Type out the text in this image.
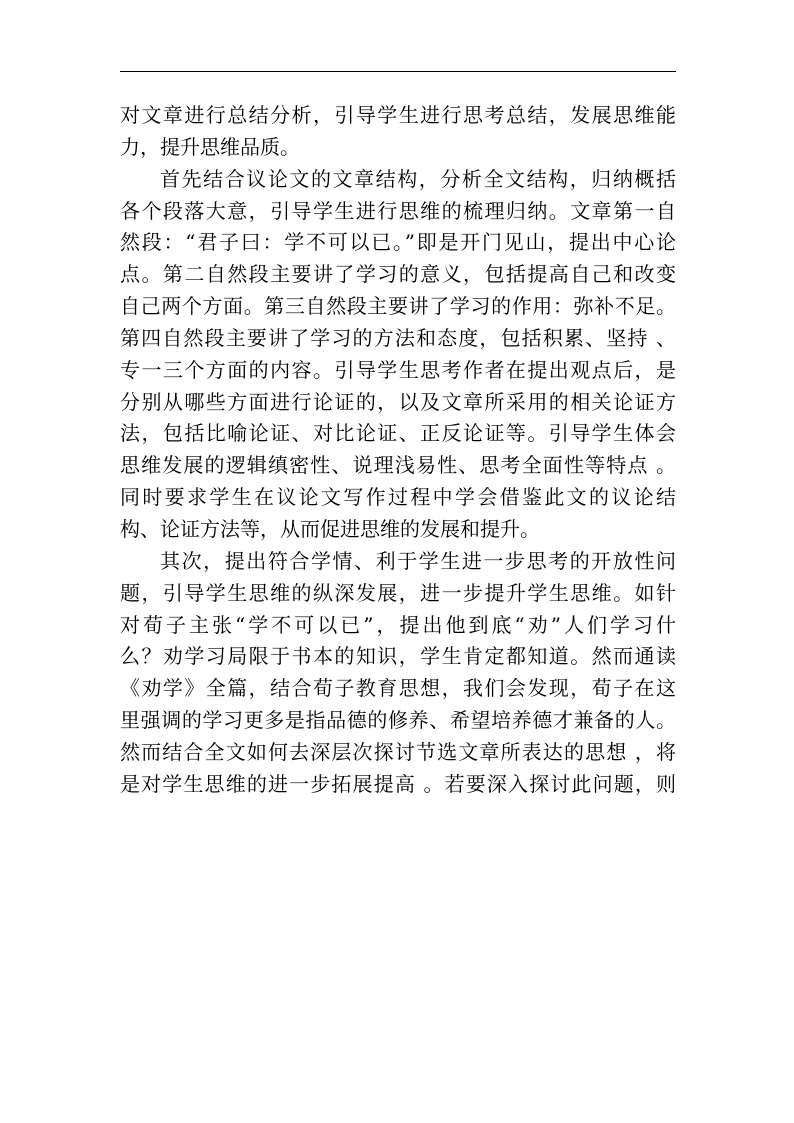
对文章进行总结分析，引导学生进行思考总结，发展思维能
力，提升思维品质。
首先结合议论文的文章结构，分析全文结构，归纳概括
各个段落大意，引导学生进行思维的梳理归纳。文章第一自
然段：“君子曰：学不可以已。”即是开门见山，提出中心论
点。第二自然段主要讲了学习的意义，包括提高自己和改变
自己两个方面。第三自然段主要讲了学习的作用：弥补不足。
第四自然段主要讲了学习的方法和态度，包括积累、坚持 、
专一三个方面的内容。引导学生思考作者在提出观点后，是
分别从哪些方面进行论证的，以及文章所采用的相关论证方
法，包括比喻论证、对比论证、正反论证等。引导学生体会
思维发展的逻辑缜密性、说理浅易性、思考全面性等特点 。
同时要求学生在议论文写作过程中学会借鉴此文的议论结
构、论证方法等，从而促进思维的发展和提升。
其次，提出符合学情、利于学生进一步思考的开放性问
题，引导学生思维的纵深发展，进一步提升学生思维。如针
对荀子主张“学不可以已”，提出他到底“劝”人们学习什
么？劝学习局限于书本的知识，学生肯定都知道。然而通读
《劝学》全篇，结合荀子教育思想，我们会发现，荀子在这
里强调的学习更多是指品德的修养、希望培养德才兼备的人。
然而结合全文如何去深层次探讨节选文章所表达的思想 ，将
是对学生思维的进一步拓展提高 。若要深入探讨此问题，则
